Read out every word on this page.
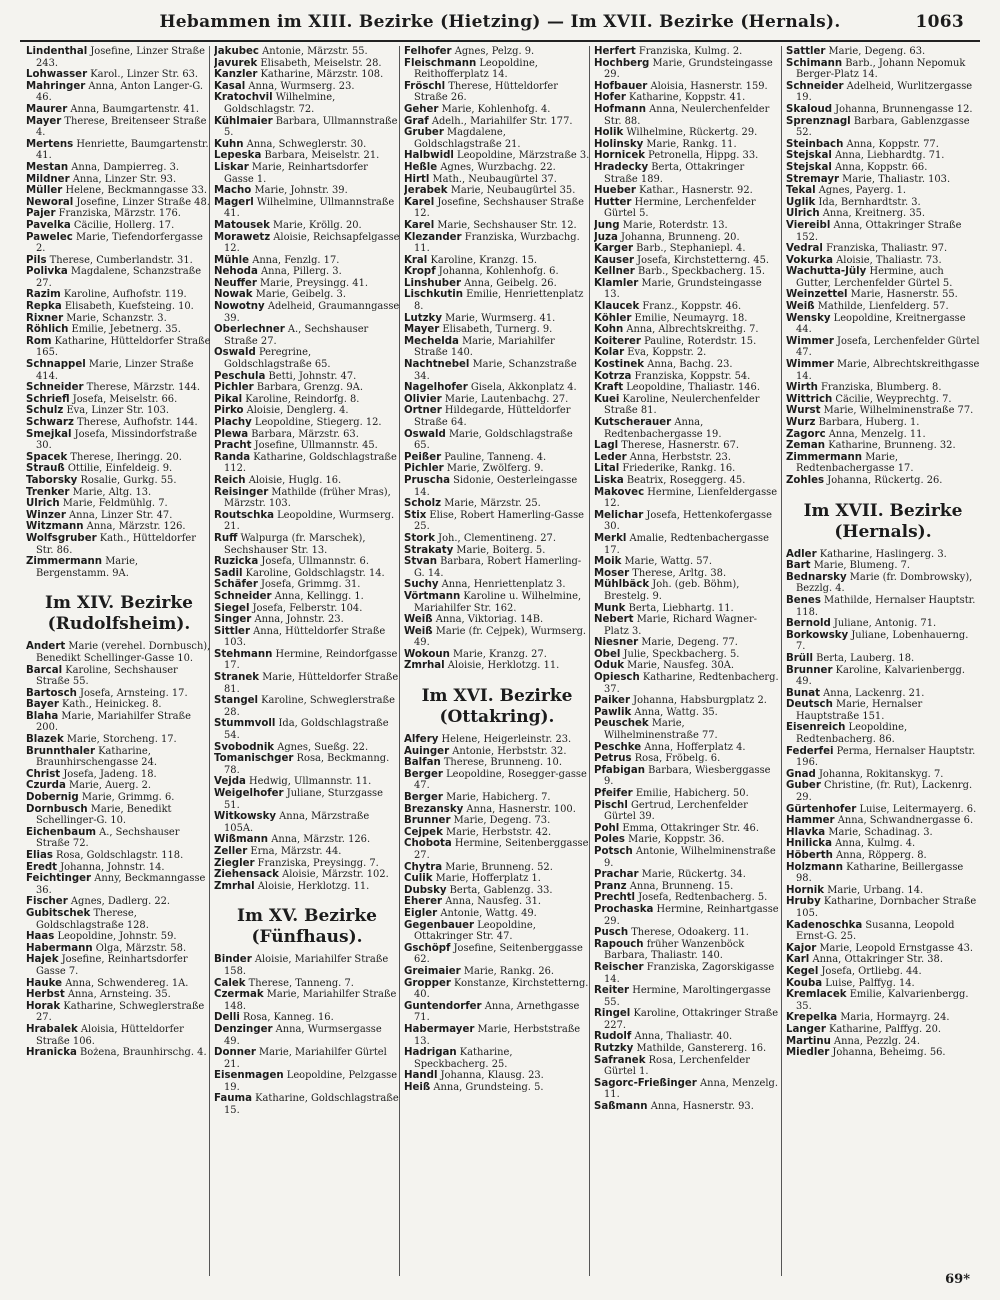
Hebammen im XIII. Bezirke (Hietzing) — Im XVII. Bezirke (Hernals).	1063

Lindenthal Josefine, Linzer Straße 243.

Lohwasser Karol., Linzer Str. 63.

Mahringer Anna, Anton Langer-G. 46.

Maurer Anna, Baumgartenstr. 41.

Mayer Therese, Breitenseer Straße 4.

Mertens Henriette, Baumgartenstr. 41.

Mestan Anna, Dampierreg. 3.

Mildner Anna, Linzer Str. 93.

Müller Helene, Beckmanngasse 33.

Neworal Josefine, Linzer Straße 48.

Pajer Franziska, Märzstr. 176.

Pavelka Cäcilie, Hollerg. 17.

Pawelec Marie, Tiefendorfergasse 2.

Pils Therese, Cumberlandstr. 31.

Polivka Magdalene, Schanzstraße 27.

Razim Karoline, Aufhofstr. 119.

Repka Elisabeth, Kuefsteing. 10.

Rixner Marie, Schanzstr. 3.

Röhlich Emilie, Jebetnerg. 35.

Rom Katharine, Hütteldorfer Straße 165.

Schnappel Marie, Linzer Straße 414.

Schneider Therese, Märzstr. 144.

Schriefl Josefa, Meiselstr. 66.

Schulz Eva, Linzer Str. 103.

Schwarz Therese, Aufhofstr. 144.

Smejkal Josefa, Missindorfstraße 30.

Spacek Therese, Iheringg. 20.

Strauß Ottilie, Einfeldeig. 9.

Taborsky Rosalie, Gurkg. 55.

Trenker Marie, Altg. 13.

Ulrich Marie, Feldmühlg. 7.

Winzer Anna, Linzer Str. 47.

Witzmann Anna, Märzstr. 126.

Wolfsgruber Kath., Hütteldorfer Str. 86.

Zimmermann Marie, Bergenstamm. 9A.

Im XIV. Bezirke (Rudolfsheim).

Andert Marie (verehel. Dornbusch), Benedikt Schellinger-Gasse 10.

Barcal Karoline, Sechshauser Straße 55.

Bartosch Josefa, Arnsteing. 17.

Bayer Kath., Heinickeg. 8.

Blaha Marie, Mariahilfer Straße 200.

Blazek Marie, Storcheng. 17.

Brunnthaler Katharine, Braunhirschengasse 24.

Christ Josefa, Jadeng. 18.

Czurda Marie, Auerg. 2.

Dobernig Marie, Grimmg. 6.

Dornbusch Marie, Benedikt Schellinger-G. 10.

Eichenbaum A., Sechshauser Straße 72.

Elias Rosa, Goldschlagstr. 118.

Eredt Johanna, Johnstr. 14.

Feichtinger Anny, Beckmanngasse 36.

Fischer Agnes, Dadlerg. 22.

Gubitschek Therese, Goldschlagstraße 128.

Haas Leopoldine, Johnstr. 59.

Habermann Olga, Märzstr. 58.

Hajek Josefine, Reinhartsdorfer Gasse 7.

Hauke Anna, Schwendereg. 1A.

Herbst Anna, Arnsteing. 35.

Horak Katharine, Schweglerstraße 27.

Hrabalek Aloisia, Hütteldorfer Straße 106.

Hranicka Bożena, Braunhirschg. 4.

Jakubec Antonie, Märzstr. 55.

Javurek Elisabeth, Meiselstr. 28.

Kanzler Katharine, Märzstr. 108.

Kasal Anna, Wurmserg. 23.

Kratochvil Wilhelmine, Goldschlagstr. 72.

Kühlmaier Barbara, Ullmannstraße 5.

Kuhn Anna, Schweglerstr. 30.

Lepeska Barbara, Meiselstr. 21.

Liskar Marie, Reinhartsdorfer Gasse 1.

Macho Marie, Johnstr. 39.

Magerl Wilhelmine, Ullmannstraße 41.

Matousek Marie, Kröllg. 20.

Morawetz Aloisie, Reichsapfelgasse 12.

Mühle Anna, Fenzlg. 17.

Nehoda Anna, Pillerg. 3.

Neuffer Marie, Preysingg. 41.

Nowak Marie, Geibelg. 3.

Nowotny Adelheid, Graumanngasse 39.

Oberlechner A., Sechshauser Straße 27.

Oswald Peregrine, Goldschlagstraße 65.

Peschula Betti, Johnstr. 47.

Pichler Barbara, Grenzg. 9A.

Pikal Karoline, Reindorfg. 8.

Pirko Aloisie, Denglerg. 4.

Plachy Leopoldine, Stiegerg. 12.

Plewa Barbara, Märzstr. 63.

Pracht Josefine, Ullmannstr. 45.

Randa Katharine, Goldschlagstraße 112.

Reich Aloisie, Huglg. 16.

Reisinger Mathilde (früher Mras), Märzstr. 103.

Routschka Leopoldine, Wurmserg. 21.

Ruff Walpurga (fr. Marschek), Sechshauser Str. 13.

Ruzicka Josefa, Ullmannstr. 6.

Sadil Karoline, Goldschlagstr. 14.

Schäfer Josefa, Grimmg. 31.

Schneider Anna, Kellingg. 1.

Siegel Josefa, Felberstr. 104.

Singer Anna, Johnstr. 23.

Sittler Anna, Hütteldorfer Straße 103.

Stehmann Hermine, Reindorfgasse 17.

Stranek Marie, Hütteldorfer Straße 81.

Stangel Karoline, Schweglerstraße 28.

Stummvoll Ida, Goldschlagstraße 54.

Svobodnik Agnes, Sueßg. 22.

Tomanischger Rosa, Beckmanng. 78.

Vejda Hedwig, Ullmannstr. 11.

Weigelhofer Juliane, Sturzgasse 51.

Witkowsky Anna, Märzstraße 105A.

Wißmann Anna, Märzstr. 126.

Zeller Erna, Märzstr. 44.

Ziegler Franziska, Preysingg. 7.

Ziehensack Aloisie, Märzstr. 102.

Zmrhal Aloisie, Herklotzg. 11.

Im XV. Bezirke (Fünfhaus).

Binder Aloisie, Mariahilfer Straße 158.

Calek Therese, Tanneng. 7.

Czermak Marie, Mariahilfer Straße 148.

Delli Rosa, Kanneg. 16.

Denzinger Anna, Wurmsergasse 49.

Donner Marie, Mariahilfer Gürtel 21.

Eisenmagen Leopoldine, Pelzgasse 19.

Fauma Katharine, Goldschlagstraße 15.

Felhofer Agnes, Pelzg. 9.

Fleischmann Leopoldine, Reithofferplatz 14.

Fröschl Therese, Hütteldorfer Straße 26.

Geher Marie, Kohlenhofg. 4.

Graf Adelh., Mariahilfer Str. 177.

Gruber Magdalene, Goldschlagstraße 21.

Halbwidl Leopoldine, Märzstraße 3.

Heßle Agnes, Wurzbachg. 22.

Hirtl Math., Neubaugürtel 37.

Jerabek Marie, Neubaugürtel 35.

Karel Josefine, Sechshauser Straße 12.

Karel Marie, Sechshauser Str. 12.

Klezander Franziska, Wurzbachg. 11.

Kral Karoline, Kranzg. 15.

Kropf Johanna, Kohlenhofg. 6.

Linshuber Anna, Geibelg. 26.

Lischkutin Emilie, Henriettenplatz 8.

Lutzky Marie, Wurmserg. 41.

Mayer Elisabeth, Turnerg. 9.

Mechelda Marie, Mariahilfer Straße 140.

Nachtnebel Marie, Schanzstraße 34.

Nagelhofer Gisela, Akkonplatz 4.

Olivier Marie, Lautenbachg. 27.

Ortner Hildegarde, Hütteldorfer Straße 64.

Oswald Marie, Goldschlagstraße 65.

Peißer Pauline, Tanneng. 4.

Pichler Marie, Zwölferg. 9.

Pruscha Sidonie, Oesterleingasse 14.

Scholz Marie, Märzstr. 25.

Stix Elise, Robert Hamerling-Gasse 25.

Stork Joh., Clementineng. 27.

Strakaty Marie, Boiterg. 5.

Stvan Barbara, Robert Hamerling-G. 14.

Suchy Anna, Henriettenplatz 3.

Vörtmann Karoline u. Wilhelmine, Mariahilfer Str. 162.

Weiß Anna, Viktoriag. 14B.

Weiß Marie (fr. Cejpek), Wurmserg. 49.

Wokoun Marie, Kranzg. 27.

Zmrhal Aloisie, Herklotzg. 11.

Im XVI. Bezirke (Ottakring).

Alfery Helene, Heigerleinstr. 23.

Auinger Antonie, Herbststr. 32.

Balfan Therese, Brunneng. 10.

Berger Leopoldine, Rosegger-gasse 47.

Berger Marie, Habicherg. 7.

Brezansky Anna, Hasnerstr. 100.

Brunner Marie, Degeng. 73.

Cejpek Marie, Herbststr. 42.

Chobota Hermine, Seitenberggasse 27.

Chytra Marie, Brunneng. 52.

Culik Marie, Hofferplatz 1.

Dubsky Berta, Gablenzg. 33.

Eherer Anna, Nausfeg. 31.

Eigler Antonie, Wattg. 49.

Gegenbauer Leopoldine, Ottakringer Str. 47.

Gschöpf Josefine, Seitenberggasse 62.

Greimaier Marie, Rankg. 26.

Gropper Konstanze, Kirchstetterng. 40.

Guntendorfer Anna, Arnethgasse 71.

Habermayer Marie, Herbststraße 13.

Hadrigan Katharine, Speckbacherg. 25.

Handl Johanna, Klausg. 23.

Heiß Anna, Grundsteing. 5.

Herfert Franziska, Kulmg. 2.

Hochberg Marie, Grundsteingasse 29.

Hofbauer Aloisia, Hasnerstr. 159.

Hofer Katharine, Koppstr. 41.

Hofmann Anna, Neulerchenfelder Str. 88.

Holik Wilhelmine, Rückertg. 29.

Holinsky Marie, Rankg. 11.

Hornicek Petronella, Hippg. 33.

Hradecky Berta, Ottakringer Straße 189.

Hueber Kathar., Hasnerstr. 92.

Hutter Hermine, Lerchenfelder Gürtel 5.

Jung Marie, Roterdstr. 13.

Juza Johanna, Brunneng. 20.

Karger Barb., Stephaniepl. 4.

Kauser Josefa, Kirchstetterng. 45.

Kellner Barb., Speckbacherg. 15.

Klamler Marie, Grundsteingasse 13.

Klaucek Franz., Koppstr. 46.

Köhler Emilie, Neumayrg. 18.

Kohn Anna, Albrechtskreithg. 7.

Koiterer Pauline, Roterdstr. 15.

Kolar Eva, Koppstr. 2.

Kostinek Anna, Bachg. 23.

Kotrza Franziska, Koppstr. 54.

Kraft Leopoldine, Thaliastr. 146.

Kuei Karoline, Neulerchenfelder Straße 81.

Kutscherauer Anna, Redtenbachergasse 19.

Lagl Therese, Hasnerstr. 67.

Leder Anna, Herbststr. 23.

Lital Friederike, Rankg. 16.

Liska Beatrix, Roseggerg. 45.

Makovec Hermine, Lienfeldergasse 12.

Melichar Josefa, Hettenkofergasse 30.

Merkl Amalie, Redtenbachergasse 17.

Moik Marie, Wattg. 57.

Moser Therese, Arltg. 38.

Mühlbäck Joh. (geb. Böhm), Brestelg. 9.

Munk Berta, Liebhartg. 11.

Nebert Marie, Richard Wagner-Platz 3.

Niesner Marie, Degeng. 77.

Obel Julie, Speckbacherg. 5.

Oduk Marie, Nausfeg. 30A.

Opiesch Katharine, Redtenbacherg. 37.

Paiker Johanna, Habsburgplatz 2.

Pawlik Anna, Wattg. 35.

Peuschek Marie, Wilhelminenstraße 77.

Peschke Anna, Hofferplatz 4.

Petrus Rosa, Fröbelg. 6.

Pfabigan Barbara, Wiesberggasse 9.

Pfeifer Emilie, Habicherg. 50.

Pischl Gertrud, Lerchenfelder Gürtel 39.

Pohl Emma, Ottakringer Str. 46.

Poles Marie, Koppstr. 36.

Potsch Antonie, Wilhelminenstraße 9.

Prachar Marie, Rückertg. 34.

Pranz Anna, Brunneng. 15.

Prechtl Josefa, Redtenbacherg. 5.

Prochaska Hermine, Reinhartgasse 29.

Pusch Therese, Odoakerg. 11.

Rapouch früher Wanzenböck Barbara, Thaliastr. 140.

Reischer Franziska, Zagorskigasse 14.

Reiter Hermine, Maroltingergasse 55.

Ringel Karoline, Ottakringer Straße 227.

Rudolf Anna, Thaliastr. 40.

Rutzky Mathilde, Ganstererg. 16.

Safranek Rosa, Lerchenfelder Gürtel 1.

Sagorc-Frießinger Anna, Menzelg. 11.

Saßmann Anna, Hasnerstr. 93.

Sattler Marie, Degeng. 63.

Schimann Barb., Johann Nepomuk Berger-Platz 14.

Schneider Adelheid, Wurlitzergasse 19.

Skaloud Johanna, Brunnengasse 12.

Sprenznagl Barbara, Gablenzgasse 52.

Steinbach Anna, Koppstr. 77.

Stejskal Anna, Liebhardtg. 71.

Stejskal Anna, Koppstr. 66.

Stremayr Marie, Thaliastr. 103.

Tekal Agnes, Payerg. 1.

Uglik Ida, Bernhardtstr. 3.

Ulrich Anna, Kreitnerg. 35.

Viereibl Anna, Ottakringer Straße 152.

Vedral Franziska, Thaliastr. 97.

Vokurka Aloisie, Thaliastr. 73.

Wachutta-Jüly Hermine, auch Gutter, Lerchenfelder Gürtel 5.

Weinzettel Marie, Hasnerstr. 55.

Weiß Mathilde, Lienfelderg. 57.

Wensky Leopoldine, Kreitnergasse 44.

Wimmer Josefa, Lerchenfelder Gürtel 47.

Wimmer Marie, Albrechtskreithgasse 14.

Wirth Franziska, Blumberg. 8.

Wittrich Cäcilie, Weyprechtg. 7.

Wurst Marie, Wilhelminenstraße 77.

Wurz Barbara, Huberg. 1.

Zagorc Anna, Menzelg. 11.

Zeman Katharine, Brunneng. 32.

Zimmermann Marie, Redtenbachergasse 17.

Zohles Johanna, Rückertg. 26.

Im XVII. Bezirke (Hernals).

Adler Katharine, Haslingerg. 3.

Bart Marie, Blumeng. 7.

Bednarsky Marie (fr. Dombrowsky), Bezzlg. 4.

Benes Mathilde, Hernalser Hauptstr. 118.

Bernold Juliane, Antonig. 71.

Borkowsky Juliane, Lobenhauerng. 7.

Brüll Berta, Lauberg. 18.

Brunner Karoline, Kalvarienbergg. 49.

Bunat Anna, Lackenrg. 21.

Deutsch Marie, Hernalser Hauptstraße 151.

Eisenreich Leopoldine, Redtenbacherg. 86.

Federfei Perma, Hernalser Hauptstr. 196.

Gnad Johanna, Rokitanskyg. 7.

Guber Christine, (fr. Rut), Lackenrg. 29.

Gürtenhofer Luise, Leitermayerg. 6.

Hammer Anna, Schwandnergasse 6.

Hlavka Marie, Schadinag. 3.

Hnilicka Anna, Kulmg. 4.

Höberth Anna, Röpperg. 8.

Holzmann Katharine, Beillergasse 98.

Hornik Marie, Urbang. 14.

Hruby Katharine, Dornbacher Straße 105.

Kadenoschka Susanna, Leopold Ernst-G. 25.

Kajor Marie, Leopold Ernstgasse 43.

Karl Anna, Ottakringer Str. 38.

Kegel Josefa, Ortliebg. 44.

Kouba Luise, Palffyg. 14.

Kremlacek Emilie, Kalvarienbergg. 35.

Krepelka Maria, Hormayrg. 24.

Langer Katharine, Palffyg. 20.

Martinu Anna, Pezzlg. 24.

Miedler Johanna, Beheimg. 56.

69*
